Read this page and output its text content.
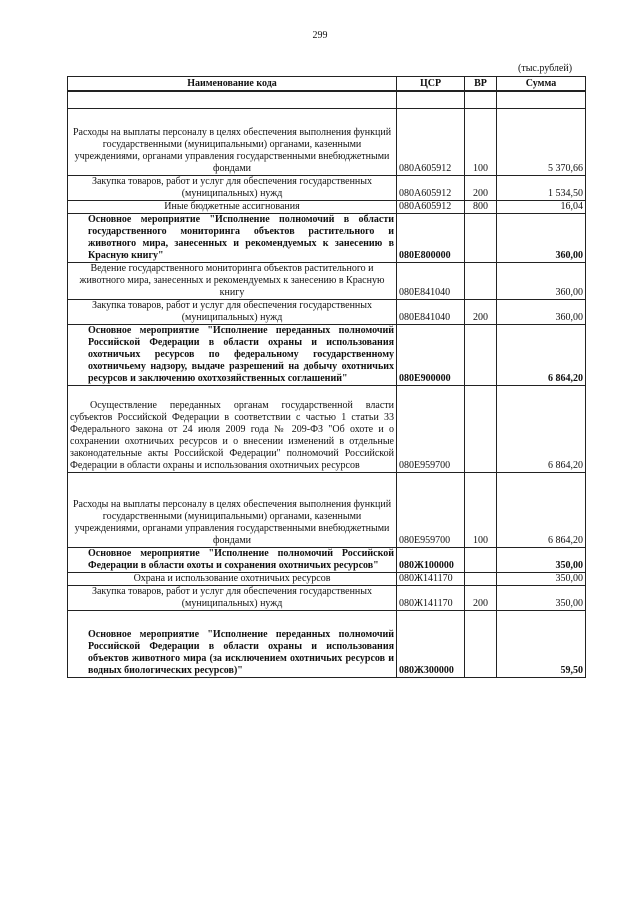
299
(тыс.рублей)
Наименование кода	ЦСР	ВР	Сумма

Расходы на выплаты персоналу в целях обеспечения выполнения функций государственными (муниципальными) органами, казенными учреждениями, органами управления государственными внебюджетными фондами	080А605912	100	5 370,66
Закупка товаров, работ и услуг для обеспечения государственных (муниципальных) нужд	080А605912	200	1 534,50
Иные бюджетные ассигнования	080А605912	800	16,04
Основное мероприятие "Исполнение полномочий в области государственного мониторинга объектов растительного и животного мира, занесенных и рекомендуемых к занесению в Красную книгу"	080Е800000		360,00
Ведение государственного мониторинга объектов растительного и животного мира, занесенных и рекомендуемых к занесению в Красную книгу	080Е841040		360,00
Закупка товаров, работ и услуг для обеспечения государственных (муниципальных) нужд	080Е841040	200	360,00
Основное мероприятие "Исполнение переданных полномочий Российской Федерации в области охраны и использования охотничьих ресурсов по федеральному государственному охотничьему надзору, выдаче разрешений на добычу охотничьих ресурсов и заключению охотхозяйственных соглашений"	080Е900000		6 864,20
Осуществление переданных органам государственной власти субъектов Российской Федерации в соответствии с частью 1 статьи 33 Федерального закона от 24 июля 2009 года № 209-ФЗ "Об охоте и о сохранении охотничьих ресурсов и о внесении изменений в отдельные законодательные акты Российской Федерации" полномочий Российской Федерации в области охраны и использования охотничьих ресурсов	080Е959700		6 864,20
Расходы на выплаты персоналу в целях обеспечения выполнения функций государственными (муниципальными) органами, казенными учреждениями, органами управления государственными внебюджетными фондами	080Е959700	100	6 864,20
Основное мероприятие "Исполнение полномочий Российской Федерации в области охоты и сохранения охотничьих ресурсов"	080Ж100000		350,00
Охрана и использование охотничьих ресурсов	080Ж141170		350,00
Закупка товаров, работ и услуг для обеспечения государственных (муниципальных) нужд	080Ж141170	200	350,00
Основное мероприятие "Исполнение переданных полномочий Российской Федерации в области охраны и использования объектов животного мира (за исключением охотничьих ресурсов и водных биологических ресурсов)"	080Ж300000		59,50
